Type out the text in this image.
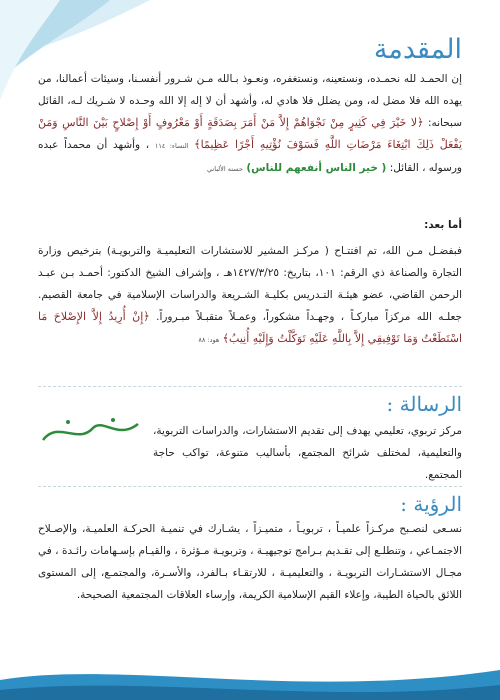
المقدمة

إن الحمـد لله نحمـده، ونستعينه، ونستغفره، ونعـوذ بـالله مـن شـرور أنفسـنا، وسيئات أعمالنا، من يهده الله فلا مضل له، ومن يضلل فلا هادي له، وأشهد أن لا إله إلا الله وحـده لا شـريك لـه، القائل سبحانه: ﴿لا خَيْرَ فِي كَثِيرٍ مِنْ نَجْوَاهُمْ إِلاَّ مَنْ أَمَرَ بِصَدَقَةٍ أَوْ مَعْرُوفٍ أَوْ إِصْلاحٍ بَيْنَ النَّاسِ وَمَنْ يَفْعَلْ ذَلِكَ ابْتِغَاءَ مَرْضَاتِ اللَّهِ فَسَوْفَ نُؤْتِيهِ أَجْرًا عَظِيمًا﴾ النساء: ١١٤ ، وأشهد أن محمداً عبده ورسوله ، القائل: ( خير الناس أنفعهم للناس) حسنه الألباني

أما بعد:

فبفضـل مـن الله، تم افتتـاح ( مركـز المشير للاستشارات التعليميـة والتربويـة) بترخيص وزارة التجارة والصناعة ذي الرقم: ١٠١، بتاريخ: ١٤٢٧/٣/٢٥هـ ، وإشراف الشيخ الدكتور: أحمـد بـن عبـد الرحمن القاضي، عضو هيئـة التـدريس بكليـة الشـريعة والدراسات الإسلامية في جامعة القصيم. جعلـه الله مركزاً مباركـاً ، وجهـداً مشكوراً، وعمـلاً متقبـلاً مبـروراً. ﴿إِنْ أُرِيدُ إِلاَّ الإِصْلاحَ مَا اسْتَطَعْتُ وَمَا تَوْفِيقِي إِلاَّ بِاللَّهِ عَلَيْهِ تَوَكَّلْتُ وَإِلَيْهِ أُنِيبُ﴾ هود: ٨٨

الرسالة :

مركز تربوي، تعليمي يهدف إلى تقديم الاستشارات، والدراسات التربوية، والتعليمية، لمختلف شرائح المجتمع، بأساليب متنوعة، تواكب حاجة المجتمع.

الرؤية :

نسـعى لنصـبح مركـزاً علميـاً ، تربويـاً ، متميـزاً ، يشـارك في تنميـة الحركـة العلميـة، والإصـلاح الاجتمـاعي ، وتنطلـع إلى تقـديم بـرامج توجيهيـة ، وتربويـة مـؤثرة ، والقيـام بإسـهامات رائـدة ، في مجـال الاستشـارات التربويـة ، والتعليميـة ، للارتقـاء بـالفرد، والأسـرة، والمجتمـع، إلى المستوى اللائق بالحياة الطيبة، وإعلاء القيم الإسلامية الكريمة، وإرساء العلاقات المجتمعية الصحيحة.
